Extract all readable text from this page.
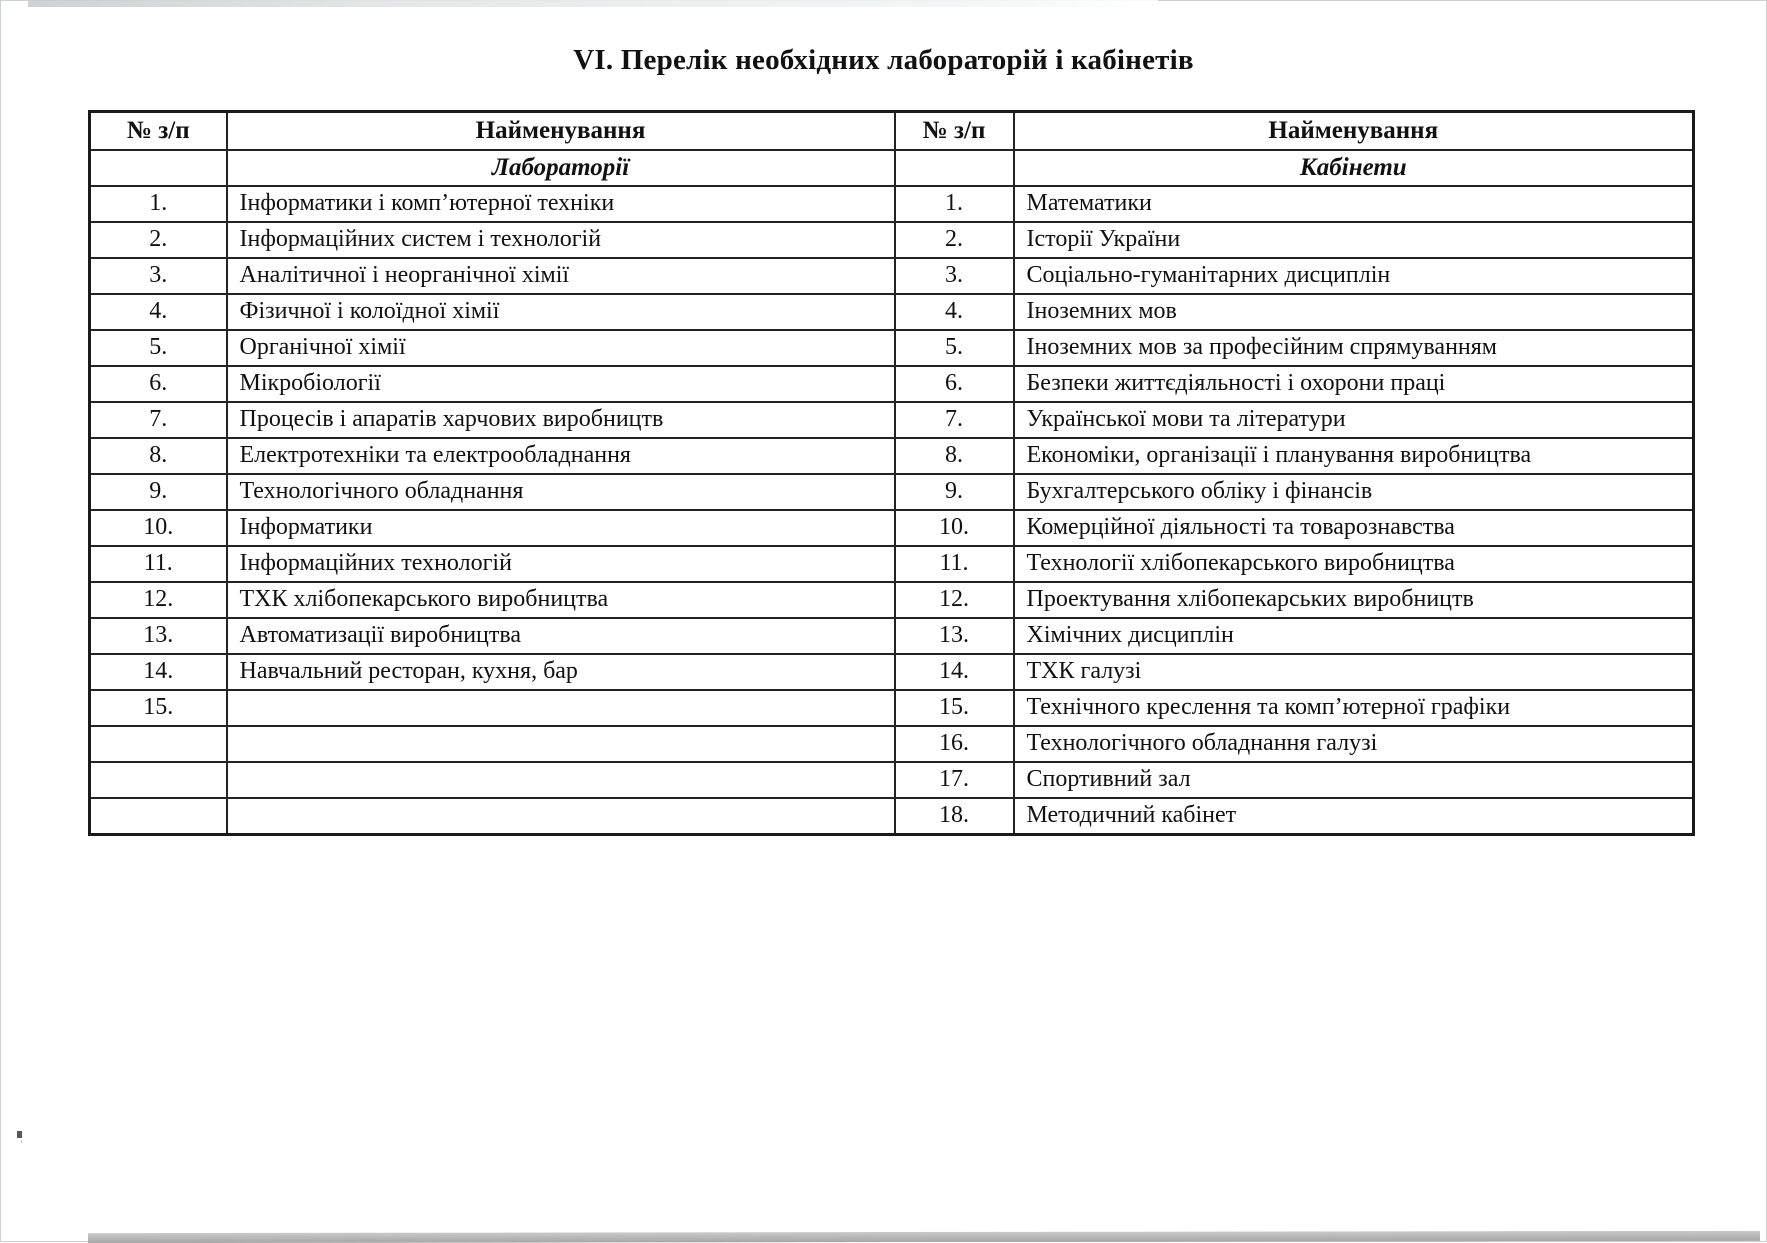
VI. Перелік необхідних лабораторій і кабінетів
№ з/п	Найменування	№ з/п	Найменування
	Лабораторії		Кабінети
1.	Інформатики і комп’ютерної техніки	1.	Математики
2.	Інформаційних систем і технологій	2.	Історії України
3.	Аналітичної і неорганічної хімії	3.	Соціально-гуманітарних дисциплін
4.	Фізичної і колоїдної хімії	4.	Іноземних мов
5.	Органічної хімії	5.	Іноземних мов за професійним спрямуванням
6.	Мікробіології	6.	Безпеки життєдіяльності і охорони праці
7.	Процесів і апаратів харчових виробництв	7.	Української мови та літератури
8.	Електротехніки та електрообладнання	8.	Економіки, організації і планування виробництва
9.	Технологічного обладнання	9.	Бухгалтерського обліку і фінансів
10.	Інформатики	10.	Комерційної діяльності та товарознавства
11.	Інформаційних технологій	11.	Технології хлібопекарського виробництва
12.	ТХК хлібопекарського виробництва	12.	Проектування хлібопекарських виробництв
13.	Автоматизації виробництва	13.	Хімічних дисциплін
14.	Навчальний ресторан, кухня, бар	14.	ТХК галузі
15.		15.	Технічного креслення та комп’ютерної графіки
		16.	Технологічного обладнання галузі
		17.	Спортивний зал
		18.	Методичний кабінет
